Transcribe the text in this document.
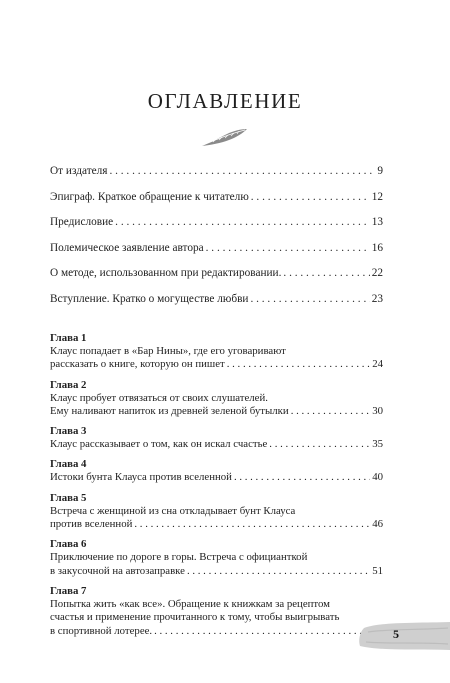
ОГЛАВЛЕНИЕ
От издателя . . .	9
Эпиграф. Краткое обращение к читателю . . .	12
Предисловие . . .	13
Полемическое заявление автора . . .	16
О методе, использованном при редактировании. . . .	22
Вступление. Кратко о могуществе любви . . .	23
Глава 1
Клаус попадает в «Бар Нины», где его уговаривают
рассказать о книге, которую он пишет . . .	24
Глава 2
Клаус пробует отвязаться от своих слушателей.
Ему наливают напиток из древней зеленой бутылки . . .	30
Глава 3
Клаус рассказывает о том, как он искал счастье . . .	35
Глава 4
Истоки бунта Клауса против вселенной . . .	40
Глава 5
Встреча с женщиной из сна откладывает бунт Клауса
против вселенной . . .	46
Глава 6
Приключение по дороге в горы. Встреча с официанткой
в закусочной на автозаправке . . .	51
Глава 7
Попытка жить «как все». Обращение к книжкам за рецептом
счастья и применение прочитанного к тому, чтобы выигрывать
в спортивной лотерее. . . .	5
